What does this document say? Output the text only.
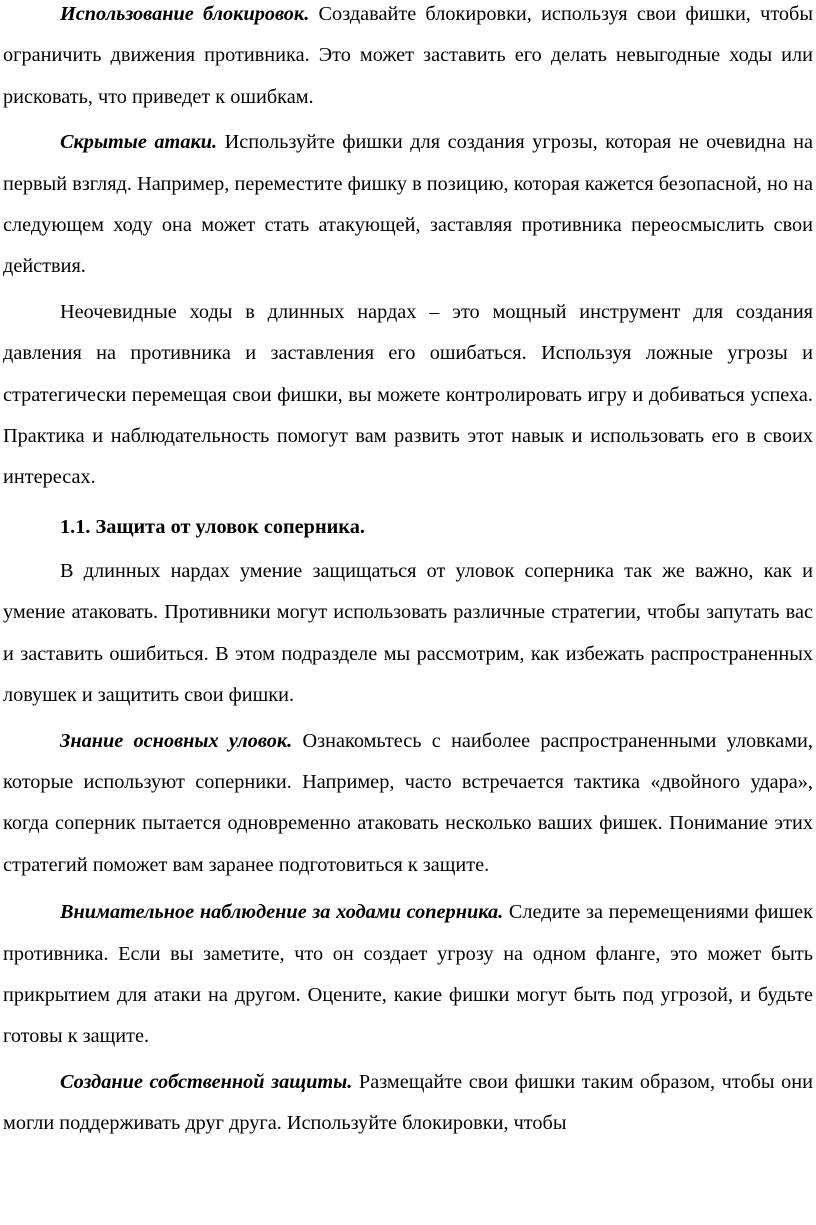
Использование блокировок. Создавайте блокировки, используя свои фишки, чтобы ограничить движения противника. Это может заставить его делать невыгодные ходы или рисковать, что приведет к ошибкам.

Скрытые атаки. Используйте фишки для создания угрозы, которая не очевидна на первый взгляд. Например, переместите фишку в позицию, которая кажется безопасной, но на следующем ходу она может стать атакующей, заставляя противника переосмыслить свои действия.

Неочевидные ходы в длинных нардах – это мощный инструмент для создания давления на противника и заставления его ошибаться. Используя ложные угрозы и стратегически перемещая свои фишки, вы можете контролировать игру и добиваться успеха. Практика и наблюдательность помогут вам развить этот навык и использовать его в своих интересах.

1.1. Защита от уловок соперника.

В длинных нардах умение защищаться от уловок соперника так же важно, как и умение атаковать. Противники могут использовать различные стратегии, чтобы запутать вас и заставить ошибиться. В этом подразделе мы рассмотрим, как избежать распространенных ловушек и защитить свои фишки.

Знание основных уловок. Ознакомьтесь с наиболее распространенными уловками, которые используют соперники. Например, часто встречается тактика «двойного удара», когда соперник пытается одновременно атаковать несколько ваших фишек. Понимание этих стратегий поможет вам заранее подготовиться к защите.

Внимательное наблюдение за ходами соперника. Следите за перемещениями фишек противника. Если вы заметите, что он создает угрозу на одном фланге, это может быть прикрытием для атаки на другом. Оцените, какие фишки могут быть под угрозой, и будьте готовы к защите.

Создание собственной защиты. Размещайте свои фишки таким образом, чтобы они могли поддерживать друг друга. Используйте блокировки, чтобы
